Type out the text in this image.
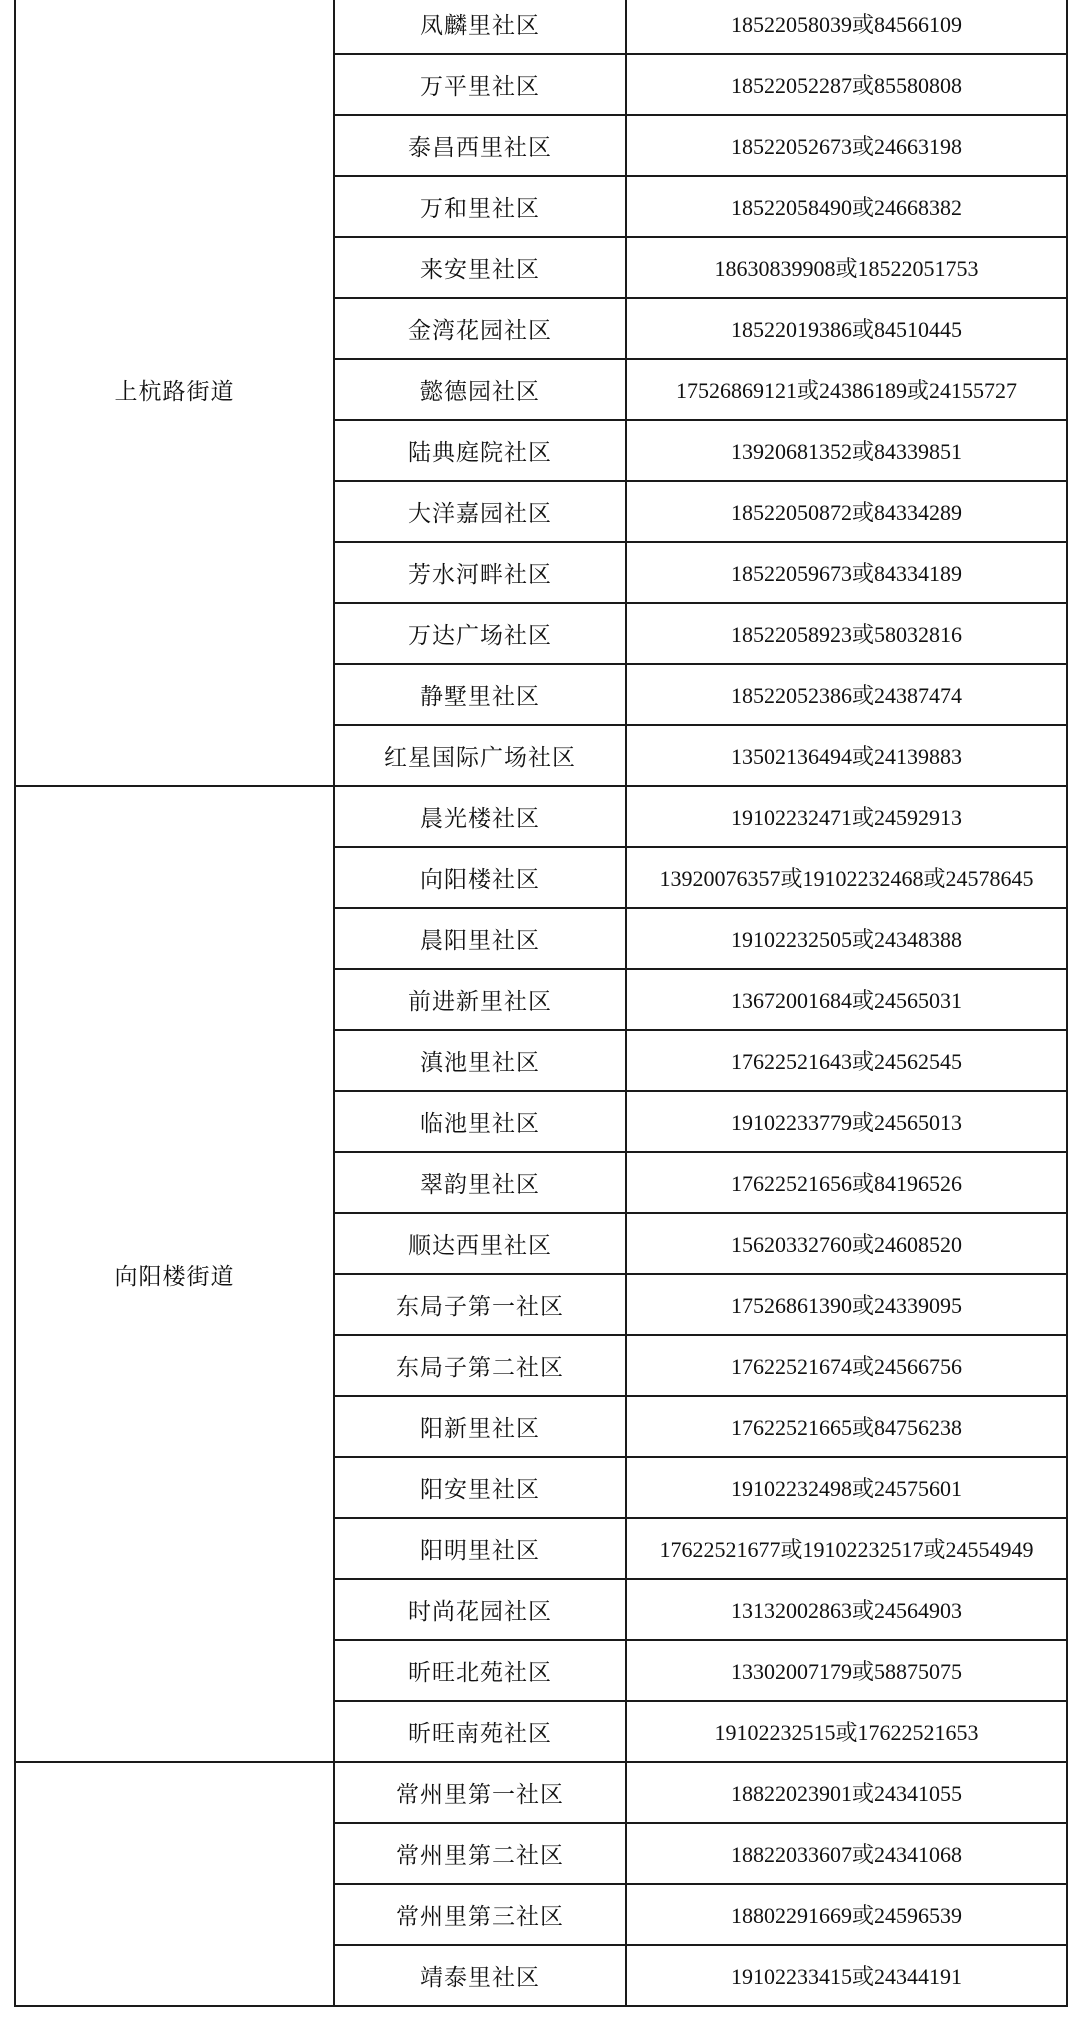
上杭路街道	凤麟里社区	18522058039或84566109
	万平里社区	18522052287或85580808
	泰昌西里社区	18522052673或24663198
	万和里社区	18522058490或24668382
	来安里社区	18630839908或18522051753
	金湾花园社区	18522019386或84510445
	懿德园社区	17526869121或24386189或24155727
	陆典庭院社区	13920681352或84339851
	大洋嘉园社区	18522050872或84334289
	芳水河畔社区	18522059673或84334189
	万达广场社区	18522058923或58032816
	静墅里社区	18522052386或24387474
	红星国际广场社区	13502136494或24139883
向阳楼街道	晨光楼社区	19102232471或24592913
	向阳楼社区	13920076357或19102232468或24578645
	晨阳里社区	19102232505或24348388
	前进新里社区	13672001684或24565031
	滇池里社区	17622521643或24562545
	临池里社区	19102233779或24565013
	翠韵里社区	17622521656或84196526
	顺达西里社区	15620332760或24608520
	东局子第一社区	17526861390或24339095
	东局子第二社区	17622521674或24566756
	阳新里社区	17622521665或84756238
	阳安里社区	19102232498或24575601
	阳明里社区	17622521677或19102232517或24554949
	时尚花园社区	13132002863或24564903
	昕旺北苑社区	13302007179或58875075
	昕旺南苑社区	19102232515或17622521653
	常州里第一社区	18822023901或24341055
	常州里第二社区	18822033607或24341068
	常州里第三社区	18802291669或24596539
	靖泰里社区	19102233415或24344191
